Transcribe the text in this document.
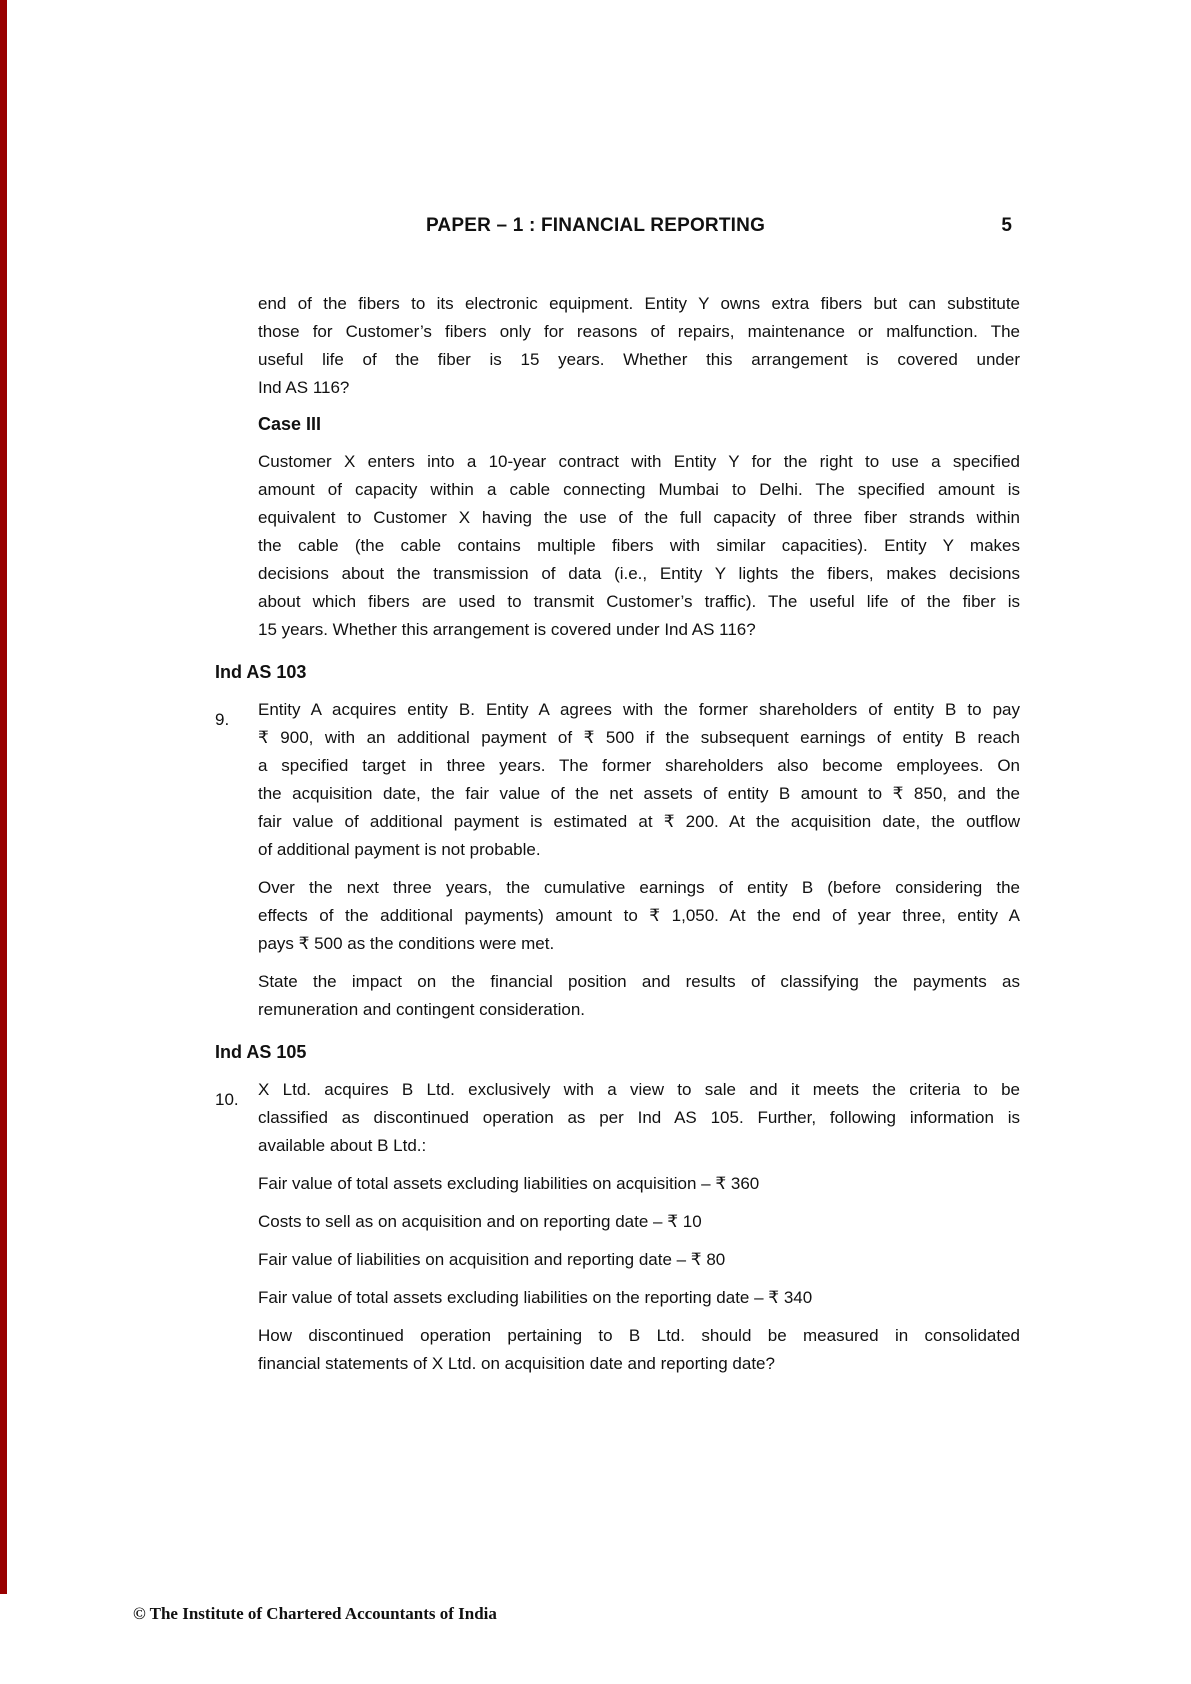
PAPER – 1 : FINANCIAL REPORTING	5
end of the fibers to its electronic equipment. Entity Y owns extra fibers but can substitute
those for Customer’s fibers only for reasons of repairs, maintenance or malfunction. The
useful life of the fiber is 15 years. Whether this arrangement is covered under
Ind AS 116?
Case III
Customer X enters into a 10-year contract with Entity Y for the right to use a specified
amount of capacity within a cable connecting Mumbai to Delhi. The specified amount is
equivalent to Customer X having the use of the full capacity of three fiber strands within
the cable (the cable contains multiple fibers with similar capacities). Entity Y makes
decisions about the transmission of data (i.e., Entity Y lights the fibers, makes decisions
about which fibers are used to transmit Customer’s traffic). The useful life of the fiber is
15 years. Whether this arrangement is covered under Ind AS 116?
Ind AS 103
9.
Entity A acquires entity B. Entity A agrees with the former shareholders of entity B to pay
₹ 900, with an additional payment of ₹ 500 if the subsequent earnings of entity B reach
a specified target in three years. The former shareholders also become employees. On
the acquisition date, the fair value of the net assets of entity B amount to ₹ 850, and the
fair value of additional payment is estimated at ₹ 200. At the acquisition date, the outflow
of additional payment is not probable.
Over the next three years, the cumulative earnings of entity B (before considering the
effects of the additional payments) amount to ₹ 1,050. At the end of year three, entity A
pays ₹ 500 as the conditions were met.
State the impact on the financial position and results of classifying the payments as
remuneration and contingent consideration.
Ind AS 105
10.
X Ltd. acquires B Ltd. exclusively with a view to sale and it meets the criteria to be
classified as discontinued operation as per Ind AS 105. Further, following information is
available about B Ltd.:
Fair value of total assets excluding liabilities on acquisition – ₹ 360
Costs to sell as on acquisition and on reporting date – ₹ 10
Fair value of liabilities on acquisition and reporting date – ₹ 80
Fair value of total assets excluding liabilities on the reporting date – ₹ 340
How discontinued operation pertaining to B Ltd. should be measured in consolidated
financial statements of X Ltd. on acquisition date and reporting date?
© The Institute of Chartered Accountants of India
